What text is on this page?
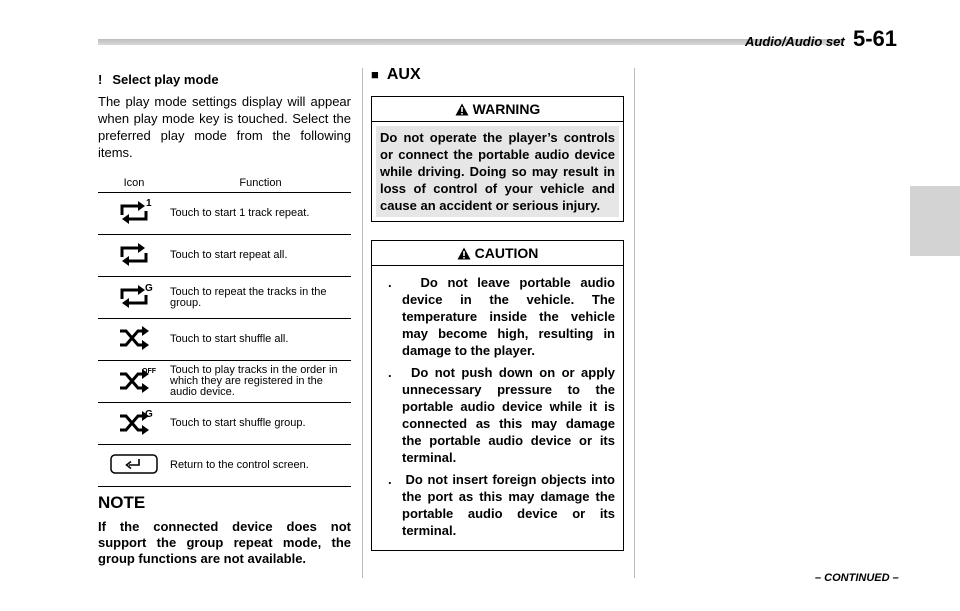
Audio/Audio set 5-61
! Select play mode

The play mode settings display will appear when play mode key is touched. Select the preferred play mode from the following items.

Icon	Function

1	Touch to start 1 track repeat.
	Touch to start repeat all.

G	Touch to repeat the tracks in the group.
	Touch to start shuffle all.

OFF	Touch to play tracks in the order in which they are registered in the audio device.

G	Touch to start shuffle group.
	Return to the control screen.
NOTE

If the connected device does not support the group repeat mode, the group functions are not available.

■ AUX
WARNING
Do not operate the player’s controls or connect the portable audio device while driving. Doing so may result in loss of control of your vehicle and cause an accident or serious injury.
CAUTION
. Do not leave portable audio device in the vehicle. The temperature inside the vehicle may become high, resulting in damage to the player.
. Do not push down on or apply unnecessary pressure to the portable audio device while it is connected as this may damage the portable audio device or its terminal.
. Do not insert foreign objects into the port as this may damage the portable audio device or its terminal.
– CONTINUED –
